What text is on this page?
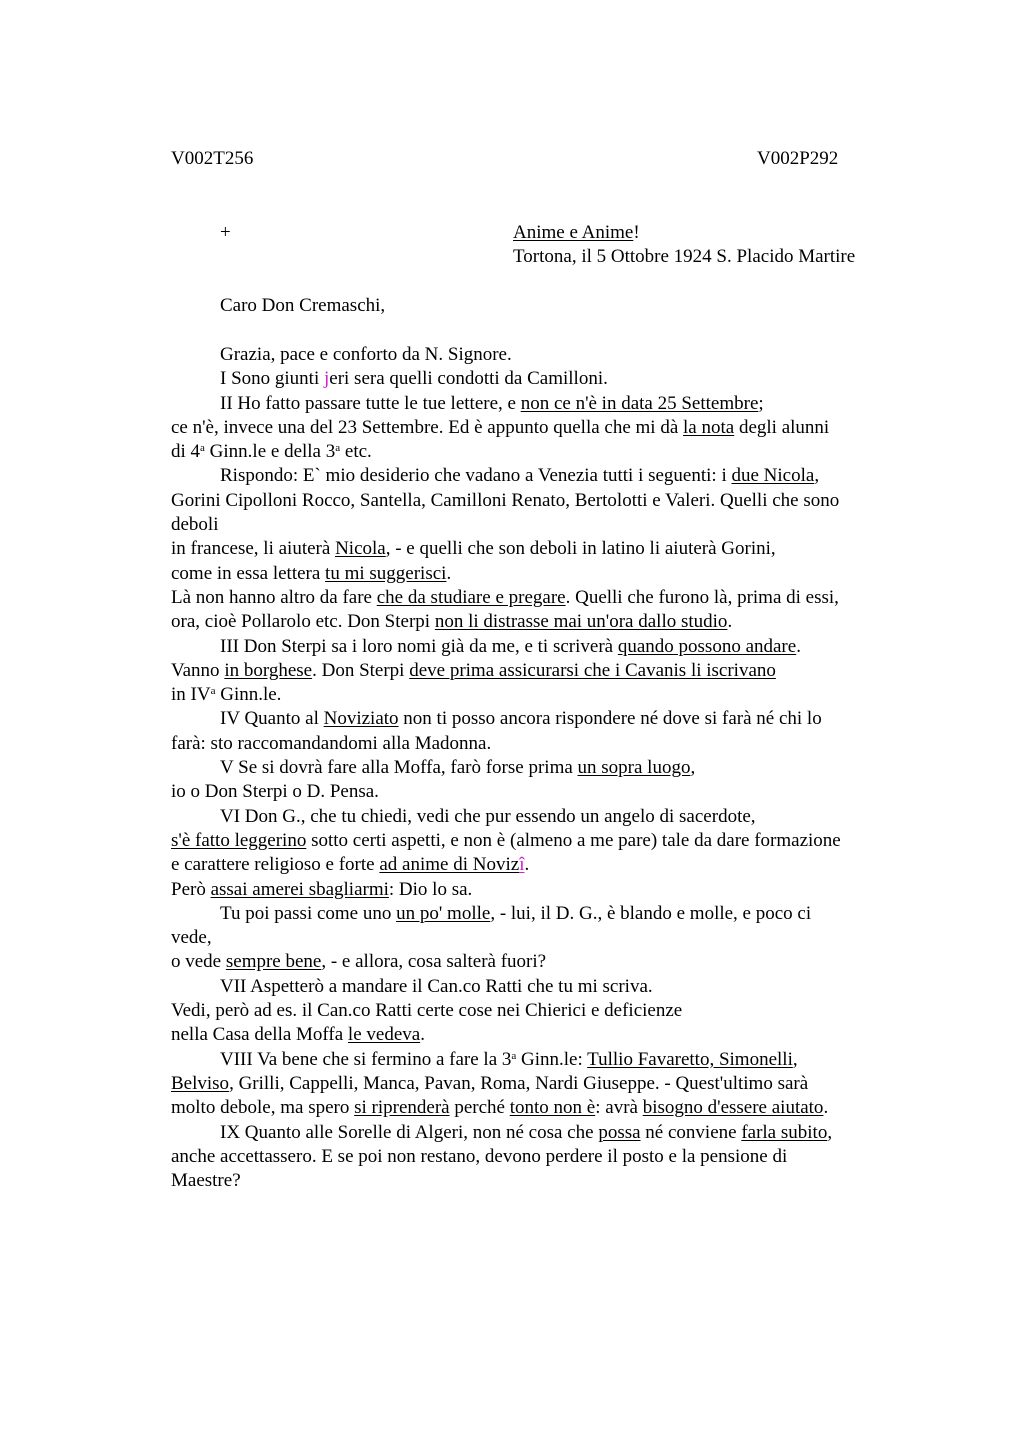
V002T256	V002P292
+	Anime e Anime!
Tortona, il 5 Ottobre 1924 S. Placido Martire
Caro Don Cremaschi,
Grazia, pace e conforto da N. Signore.
I Sono giunti jeri sera quelli condotti da Camilloni.
II Ho fatto passare tutte le tue lettere, e non ce n'è in data 25 Settembre;
ce n'è, invece una del 23 Settembre. Ed è appunto quella che mi dà la nota degli alunni
di 4$^a$ Ginn.le e della 3$^a$ etc.
Rispondo: E` mio desiderio che vadano a Venezia tutti i seguenti: i due Nicola,
Gorini Cipolloni Rocco, Santella, Camilloni Renato, Bertolotti e Valeri. Quelli che sono
deboli
in francese, li aiuterà Nicola, - e quelli che son deboli in latino li aiuterà Gorini,
come in essa lettera tu mi suggerisci.
Là non hanno altro da fare che da studiare e pregare. Quelli che furono là, prima di essi,
ora, cioè Pollarolo etc. Don Sterpi non li distrasse mai un'ora dallo studio.
III Don Sterpi sa i loro nomi già da me, e ti scriverà quando possono andare.
Vanno in borghese. Don Sterpi deve prima assicurarsi che i Cavanis li iscrivano
in $IV^a$ Ginn.le.
IV Quanto al Noviziato non ti posso ancora rispondere né dove si farà né chi lo
farà: sto raccomandandomi alla Madonna.
V Se si dovrà fare alla Moffa, farò forse prima un sopra luogo,
io o Don Sterpi o D. Pensa.
VI Don G., che tu chiedi, vedi che pur essendo un angelo di sacerdote,
s'è fatto leggerino sotto certi aspetti, e non è (almeno a me pare) tale da dare formazione
e carattere religioso e forte ad anime di Novizî.
Però assai amerei sbagliarmi: Dio lo sa.
Tu poi passi come uno un po' molle, - lui, il D. G., è blando e molle, e poco ci
vede,
o vede sempre bene, - e allora, cosa salterà fuori?
VII Aspetterò a mandare il Can.co Ratti che tu mi scriva.
Vedi, però ad es. il Can.co Ratti certe cose nei Chierici e deficienze
nella Casa della Moffa le vedeva.
VIII Va bene che si fermino a fare la 3$^a$ Ginn.le: Tullio Favaretto, Simonelli,
Belviso, Grilli, Cappelli, Manca, Pavan, Roma, Nardi Giuseppe. - Quest'ultimo sarà
molto debole, ma spero si riprenderà perché tonto non è: avrà bisogno d'essere aiutato.
IX Quanto alle Sorelle di Algeri, non né cosa che possa né conviene farla subito,
anche accettassero. E se poi non restano, devono perdere il posto e la pensione di
Maestre?
